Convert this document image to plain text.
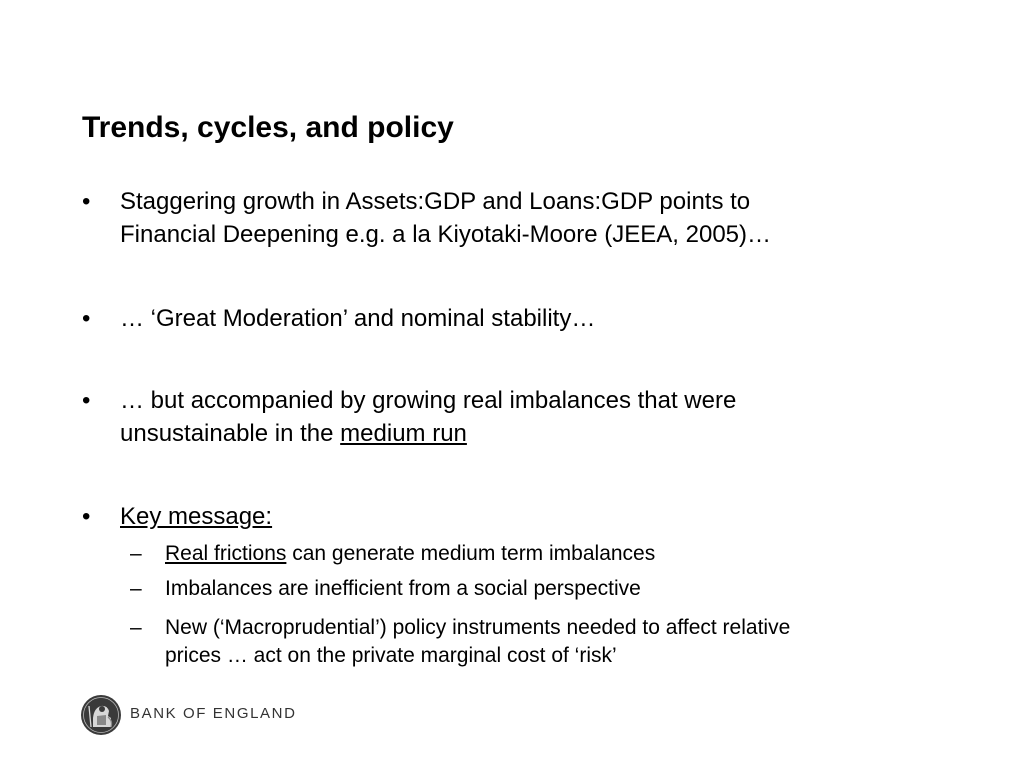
Trends, cycles, and policy
•	Staggering growth in Assets:GDP and Loans:GDP points to
Financial Deepening e.g. a la Kiyotaki-Moore (JEEA, 2005)…
•	… ‘Great Moderation’ and nominal stability…
•	… but accompanied by growing real imbalances that were
unsustainable in the medium run
•	Key message:
– Real frictions can generate medium term imbalances
– Imbalances are inefficient from a social perspective
– New (‘Macroprudential’) policy instruments needed to affect relative
prices … act on the private marginal cost of ‘risk’
BANK OF ENGLAND
